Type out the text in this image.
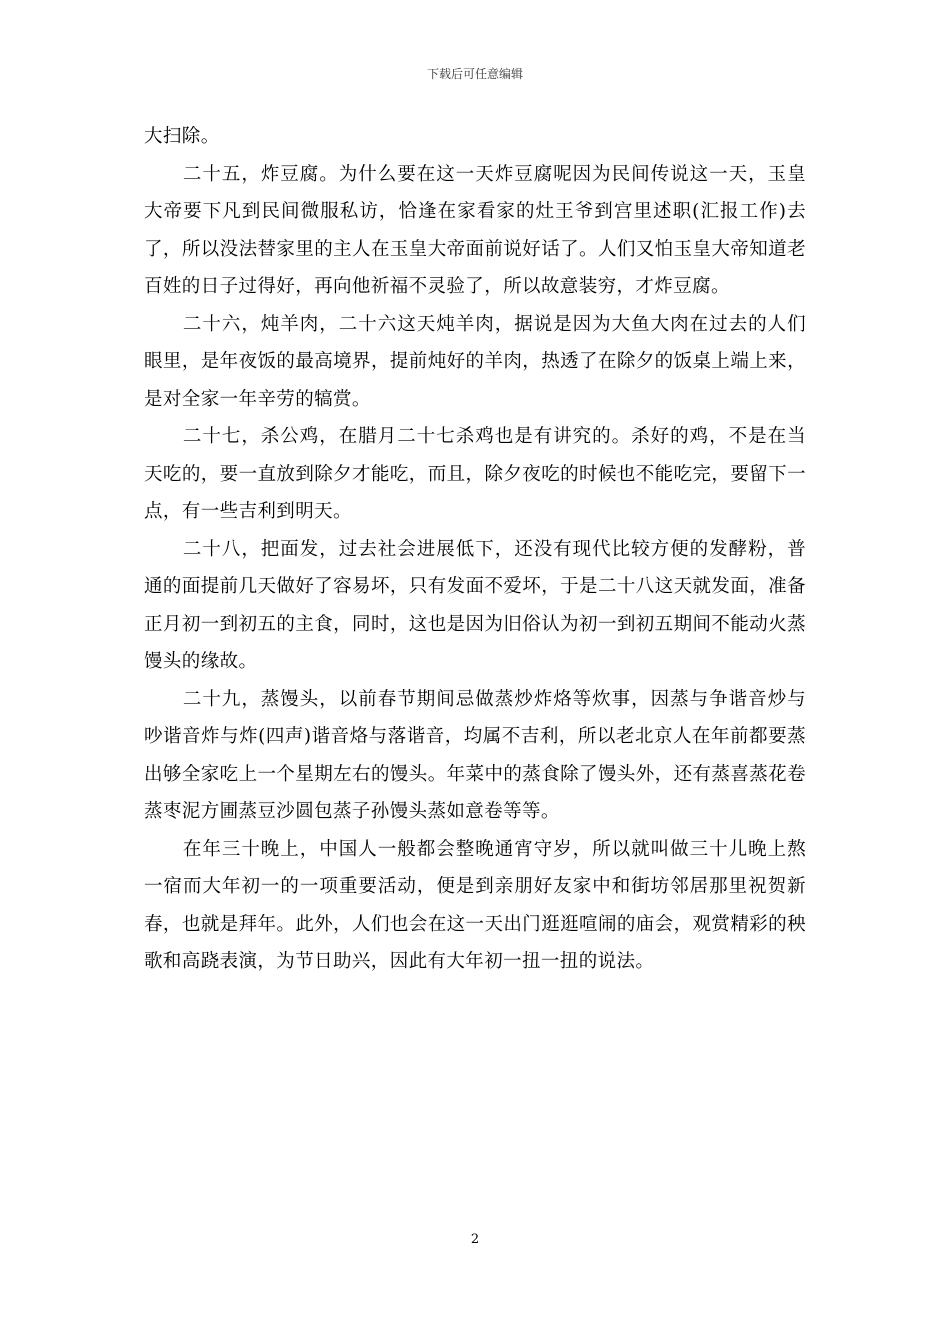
下载后可任意编辑

大扫除。

二十五，炸豆腐。为什么要在这一天炸豆腐呢因为民间传说这一天，玉皇大帝要下凡到民间微服私访，恰逢在家看家的灶王爷到宫里述职(汇报工作)去了，所以没法替家里的主人在玉皇大帝面前说好话了。人们又怕玉皇大帝知道老百姓的日子过得好，再向他祈福不灵验了，所以故意装穷，才炸豆腐。

二十六，炖羊肉，二十六这天炖羊肉，据说是因为大鱼大肉在过去的人们眼里，是年夜饭的最高境界，提前炖好的羊肉，热透了在除夕的饭桌上端上来，是对全家一年辛劳的犒赏。

二十七，杀公鸡，在腊月二十七杀鸡也是有讲究的。杀好的鸡，不是在当天吃的，要一直放到除夕才能吃，而且，除夕夜吃的时候也不能吃完，要留下一点，有一些吉利到明天。

二十八，把面发，过去社会进展低下，还没有现代比较方便的发酵粉，普通的面提前几天做好了容易坏，只有发面不爱坏，于是二十八这天就发面，准备正月初一到初五的主食，同时，这也是因为旧俗认为初一到初五期间不能动火蒸馒头的缘故。

二十九，蒸馒头，以前春节期间忌做蒸炒炸烙等炊事，因蒸与争谐音炒与吵谐音炸与炸(四声)谐音烙与落谐音，均属不吉利，所以老北京人在年前都要蒸出够全家吃上一个星期左右的馒头。年菜中的蒸食除了馒头外，还有蒸喜蒸花卷蒸枣泥方圃蒸豆沙圆包蒸子孙馒头蒸如意卷等等。

在年三十晚上，中国人一般都会整晚通宵守岁，所以就叫做三十儿晚上熬一宿而大年初一的一项重要活动，便是到亲朋好友家中和街坊邻居那里祝贺新春，也就是拜年。此外，人们也会在这一天出门逛逛喧闹的庙会，观赏精彩的秧歌和高跷表演，为节日助兴，因此有大年初一扭一扭的说法。

2
